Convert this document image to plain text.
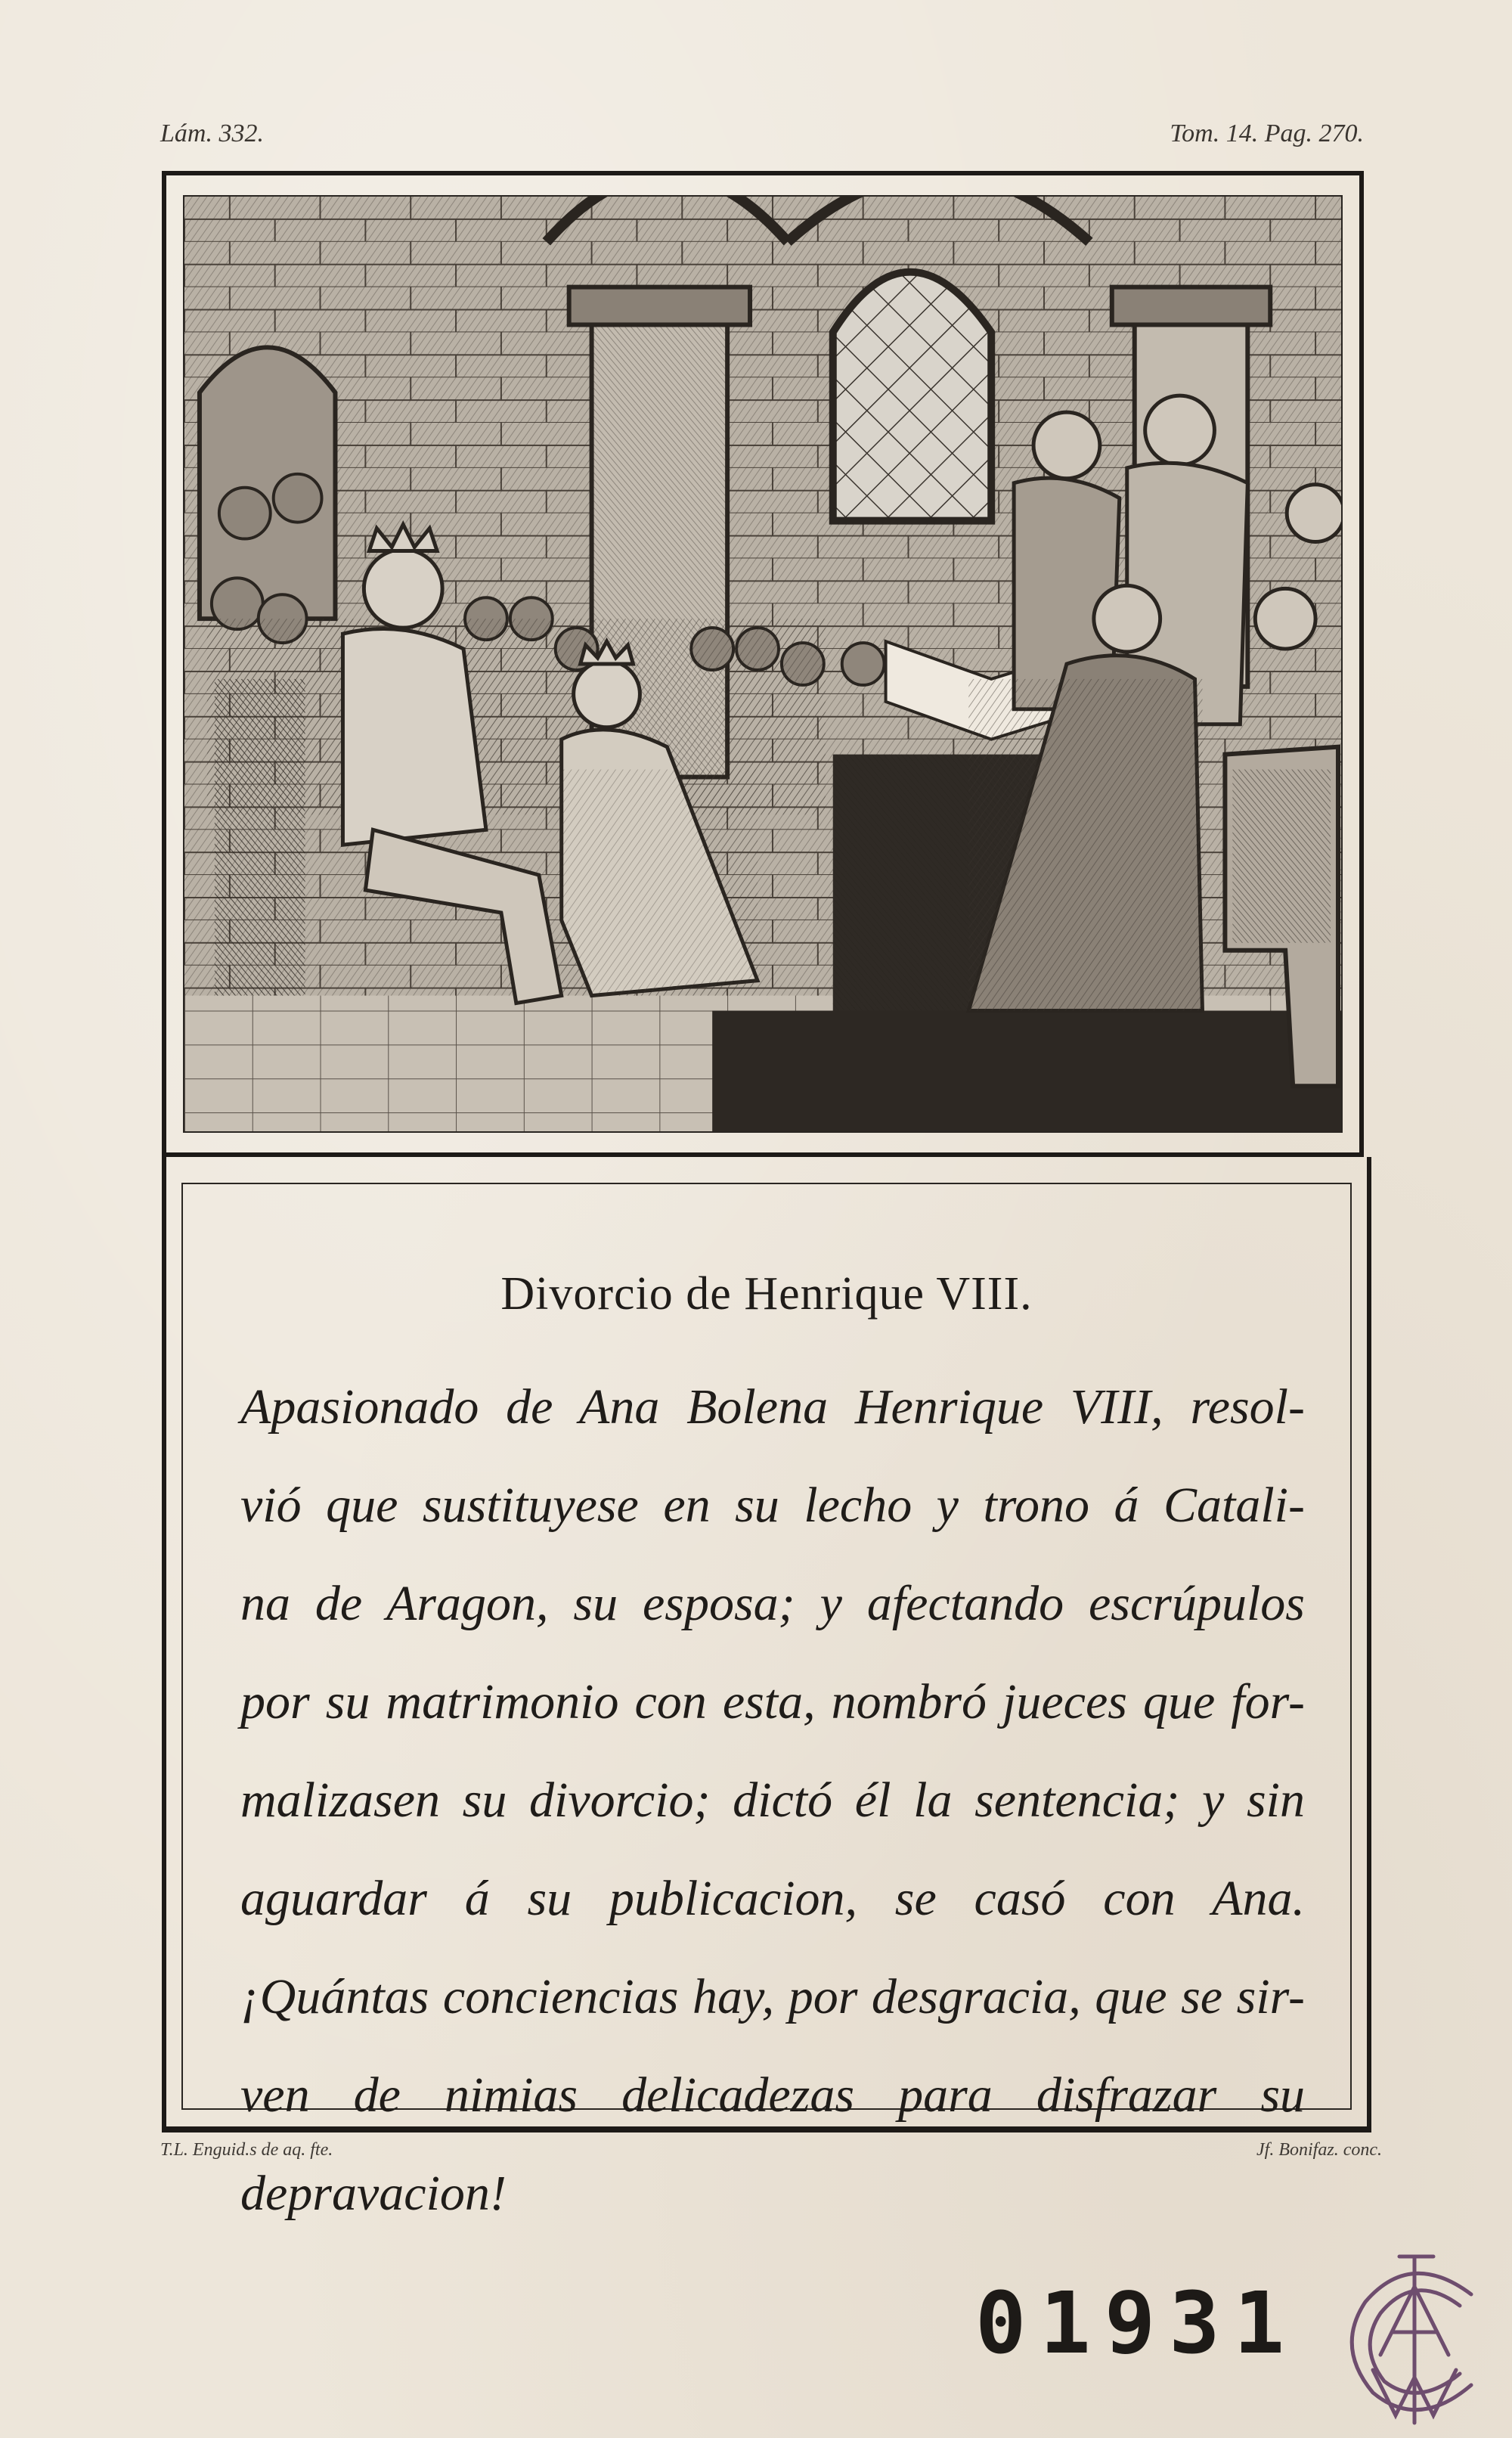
Lám. 332.	Tom. 14. Pag. 270.
Divorcio de Henrique VIII.
Apasionado de Ana Bolena Henrique VIII, resol-
vió que sustituyese en su lecho y trono á Catali-
na de Aragon, su esposa; y afectando escrúpulos
por su matrimonio con esta, nombró jueces que for-
malizasen su divorcio; dictó él la sentencia; y sin
aguardar á su publicacion, se casó con Ana.
¡Quántas conciencias hay, por desgracia, que se sir-
ven de nimias delicadezas para disfrazar su
depravacion!
T.L. Enguid.s de aq. fte.	Jf. Bonifaz. conc.
01931
